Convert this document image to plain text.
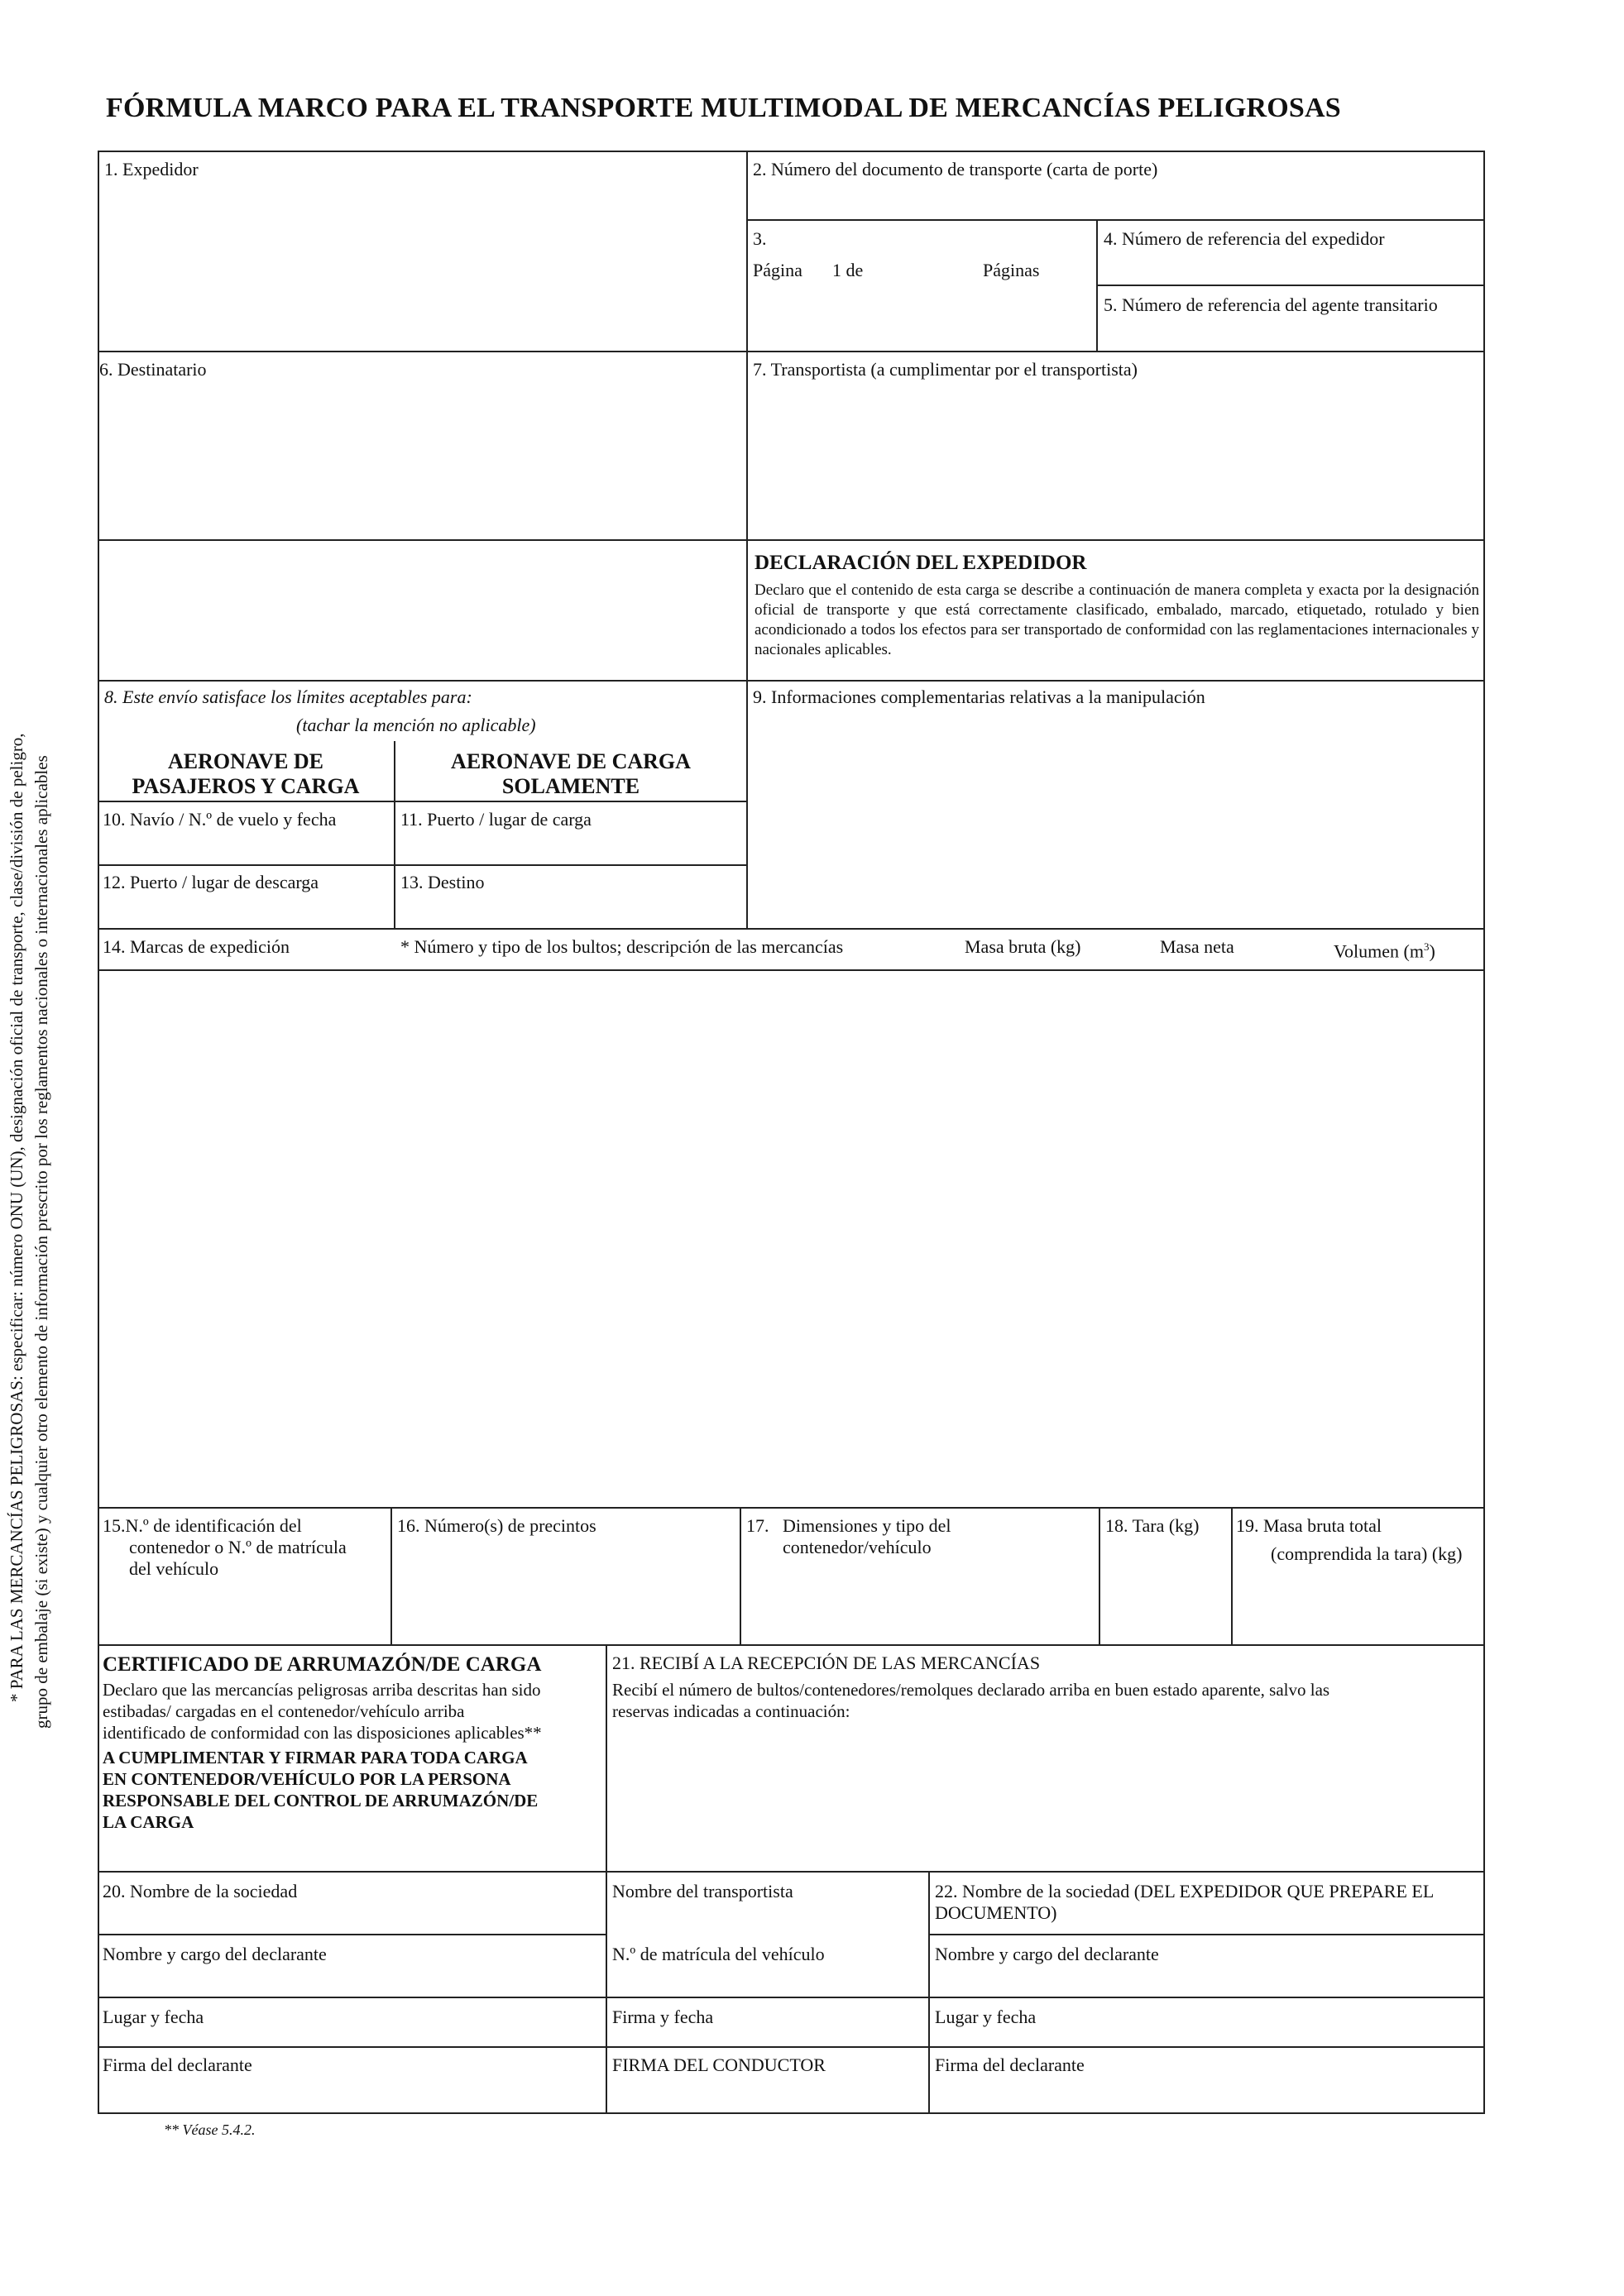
FÓRMULA MARCO PARA EL TRANSPORTE MULTIMODAL DE MERCANCÍAS PELIGROSAS
* PARA LAS MERCANCÍAS PELIGROSAS: especificar: número ONU (UN), designación oficial de transporte, clase/división de peligro, grupo de embalaje (si existe) y cualquier otro elemento de información prescrito por los reglamentos nacionales o internacionales aplicables
1. Expedidor	2. Número del documento de transporte (carta de porte)
3.
Página 1 de	Páginas
4. Número de referencia del expedidor
5. Número de referencia del agente transitario
6. Destinatario	7. Transportista (a cumplimentar por el transportista)
DECLARACIÓN DEL EXPEDIDOR
Declaro que el contenido de esta carga se describe a continuación de manera completa y exacta por la designación oficial de transporte y que está correctamente clasificado, embalado, marcado, etiquetado, rotulado y bien acondicionado a todos los efectos para ser transportado de conformidad con las reglamentaciones internacionales y nacionales aplicables.
8. Este envío satisface los límites aceptables para:
(tachar la mención no aplicable)
9. Informaciones complementarias relativas a la manipulación
AERONAVE DE
PASAJEROS Y CARGA
AERONAVE DE CARGA
SOLAMENTE
10. Navío / N.º de vuelo y fecha	11. Puerto / lugar de carga
12. Puerto / lugar de descarga	13. Destino
14. Marcas de expedición	* Número y tipo de los bultos; descripción de las mercancías	Masa bruta (kg)	Masa neta	Volumen $(m^3)$
15.N.º de identificación del
contenedor o N.º de matrícula
del vehículo
16. Número(s) de precintos	17.   Dimensiones y tipo del
contenedor/vehículo
18. Tara (kg) 19. Masa bruta total
(comprendida la tara) (kg)
CERTIFICADO DE ARRUMAZÓN/DE CARGA
Declaro que las mercancías peligrosas arriba descritas han sido
estibadas/ cargadas en el contenedor/vehículo arriba
identificado de conformidad con las disposiciones aplicables**
A CUMPLIMENTAR Y FIRMAR PARA TODA CARGA
EN CONTENEDOR/VEHÍCULO POR LA PERSONA
RESPONSABLE DEL CONTROL DE ARRUMAZÓN/DE
LA CARGA
21. RECIBÍ A LA RECEPCIÓN DE LAS MERCANCÍAS
Recibí el número de bultos/contenedores/remolques declarado arriba en buen estado aparente, salvo las
reservas indicadas a continuación:
20. Nombre de la sociedad	Nombre del transportista	22. Nombre de la sociedad (DEL EXPEDIDOR QUE PREPARE EL
DOCUMENTO)
Nombre y cargo del declarante	N.º de matrícula del vehículo	Nombre y cargo del declarante
Lugar y fecha	Firma y fecha	Lugar y fecha
Firma del declarante	FIRMA DEL CONDUCTOR	Firma del declarante
** Véase 5.4.2.
